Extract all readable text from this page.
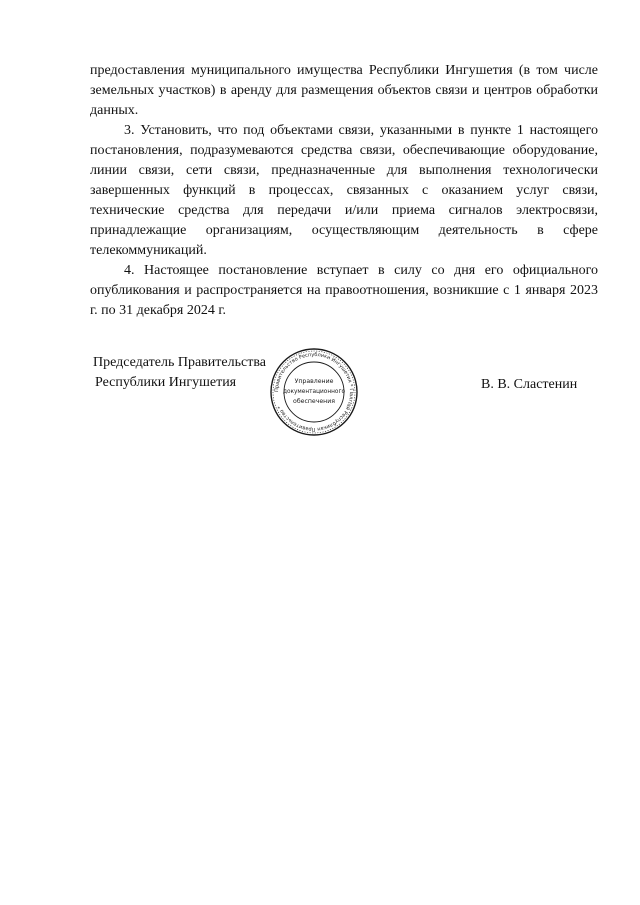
предоставления муниципального имущества Республики Ингушетия (в том числе земельных участков) в аренду для размещения объектов связи и центров обработки данных.

3. Установить, что под объектами связи, указанными в пункте 1 настоящего постановления, подразумеваются средства связи, обеспечивающие оборудование, линии связи, сети связи, предназначенные для выполнения технологически завершенных функций в процессах, связанных с оказанием услуг связи, технические средства для передачи и/или приема сигналов электросвязи, принадлежащие организациям, осуществляющим деятельность в сфере телекоммуникаций.

4. Настоящее постановление вступает в силу со дня его официального опубликования и распространяется на правоотношения, возникшие с 1 января 2023 г. по 31 декабря 2024 г.

Председатель Правительства
Республики Ингушетия
Правительство Республики Ингушетия * ГӀалгӀай Республикан Правительство *
Управление
документационного
обеспечения
В. В. Сластенин
